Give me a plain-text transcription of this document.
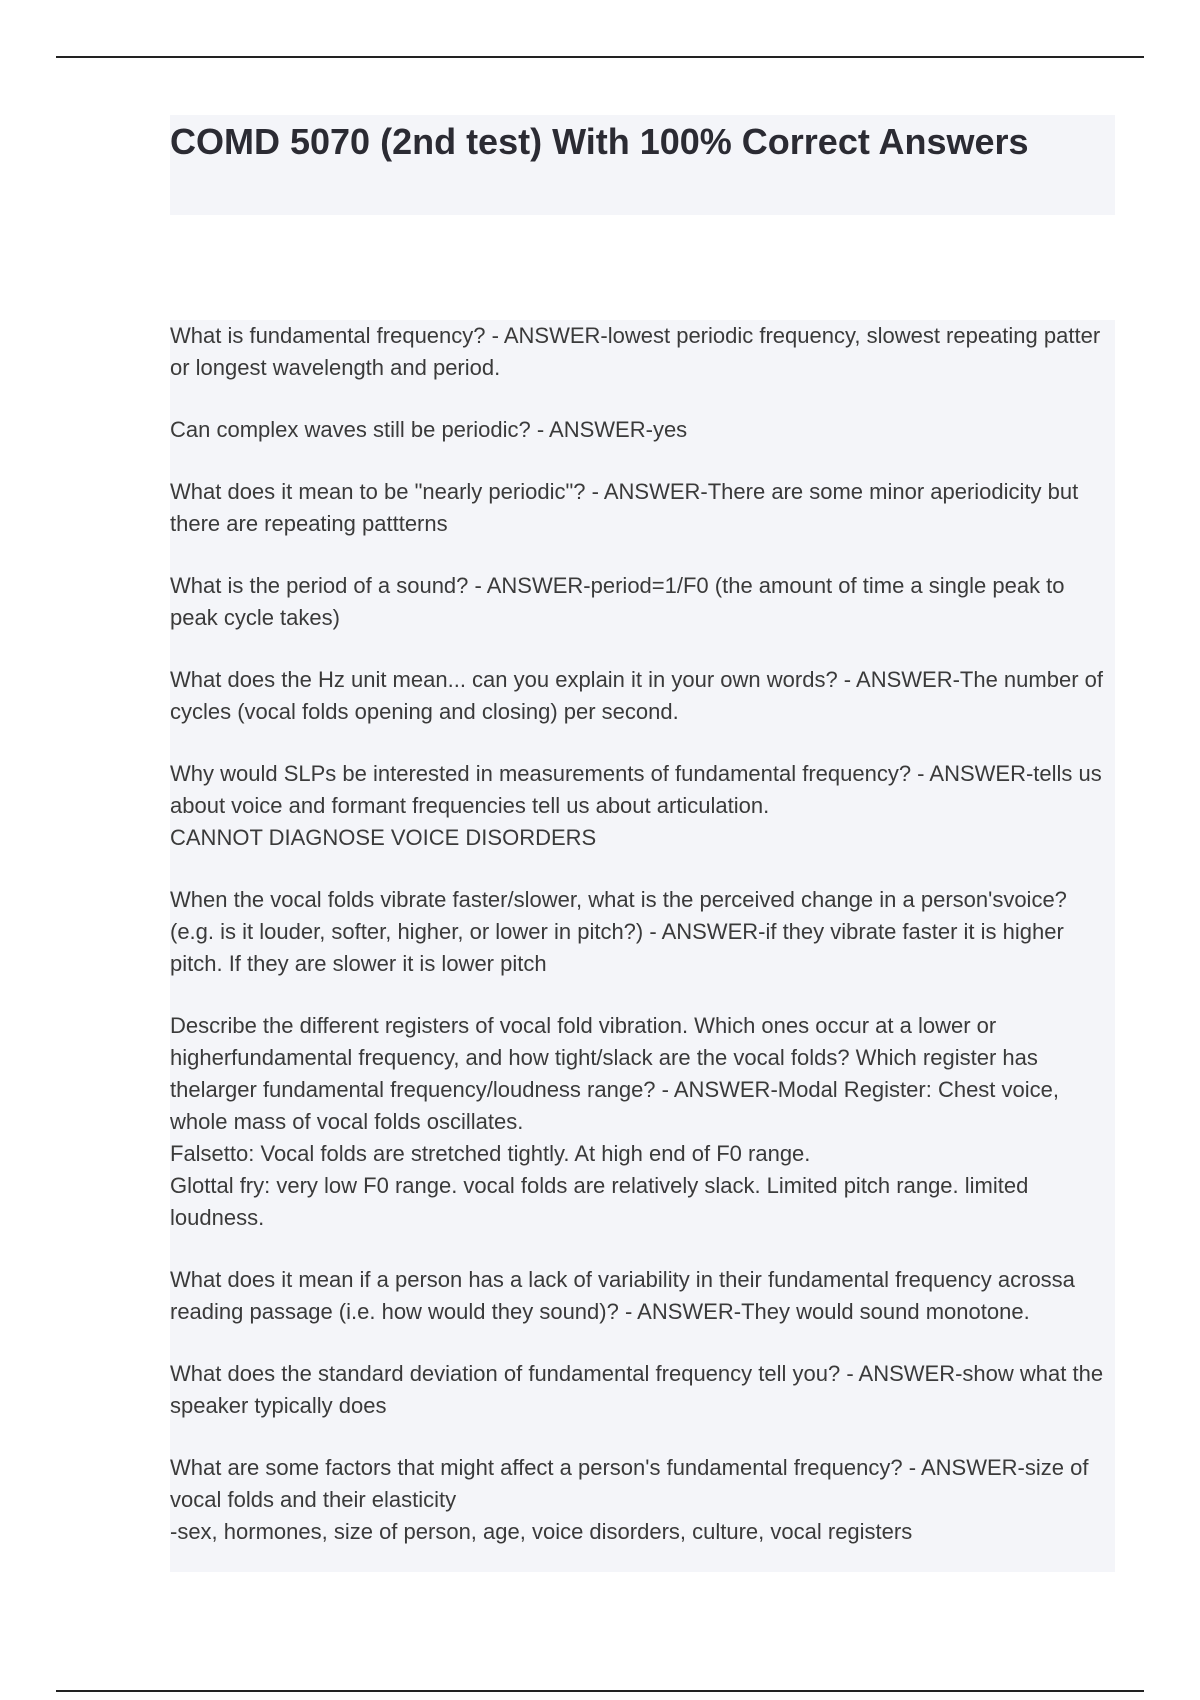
COMD 5070 (2nd test) With 100% Correct Answers

What is fundamental frequency? - ANSWER-lowest periodic frequency, slowest repeating patter or longest wavelength and period.

Can complex waves still be periodic? - ANSWER-yes

What does it mean to be "nearly periodic"? - ANSWER-There are some minor aperiodicity but there are repeating pattterns

What is the period of a sound? - ANSWER-period=1/F0 (the amount of time a single peak to peak cycle takes)

What does the Hz unit mean... can you explain it in your own words? - ANSWER-The number of cycles (vocal folds opening and closing) per second.

Why would SLPs be interested in measurements of fundamental frequency? - ANSWER-tells us about voice and formant frequencies tell us about articulation.
CANNOT DIAGNOSE VOICE DISORDERS

When the vocal folds vibrate faster/slower, what is the perceived change in a person'svoice? (e.g. is it louder, softer, higher, or lower in pitch?) - ANSWER-if they vibrate faster it is higher pitch. If they are slower it is lower pitch

Describe the different registers of vocal fold vibration. Which ones occur at a lower or higherfundamental frequency, and how tight/slack are the vocal folds? Which register has thelarger fundamental frequency/loudness range? - ANSWER-Modal Register: Chest voice, whole mass of vocal folds oscillates.
Falsetto: Vocal folds are stretched tightly. At high end of F0 range.
Glottal fry: very low F0 range. vocal folds are relatively slack. Limited pitch range. limited loudness.

What does it mean if a person has a lack of variability in their fundamental frequency acrossa reading passage (i.e. how would they sound)? - ANSWER-They would sound monotone.

What does the standard deviation of fundamental frequency tell you? - ANSWER-show what the speaker typically does

What are some factors that might affect a person's fundamental frequency? - ANSWER-size of vocal folds and their elasticity
-sex, hormones, size of person, age, voice disorders, culture, vocal registers
